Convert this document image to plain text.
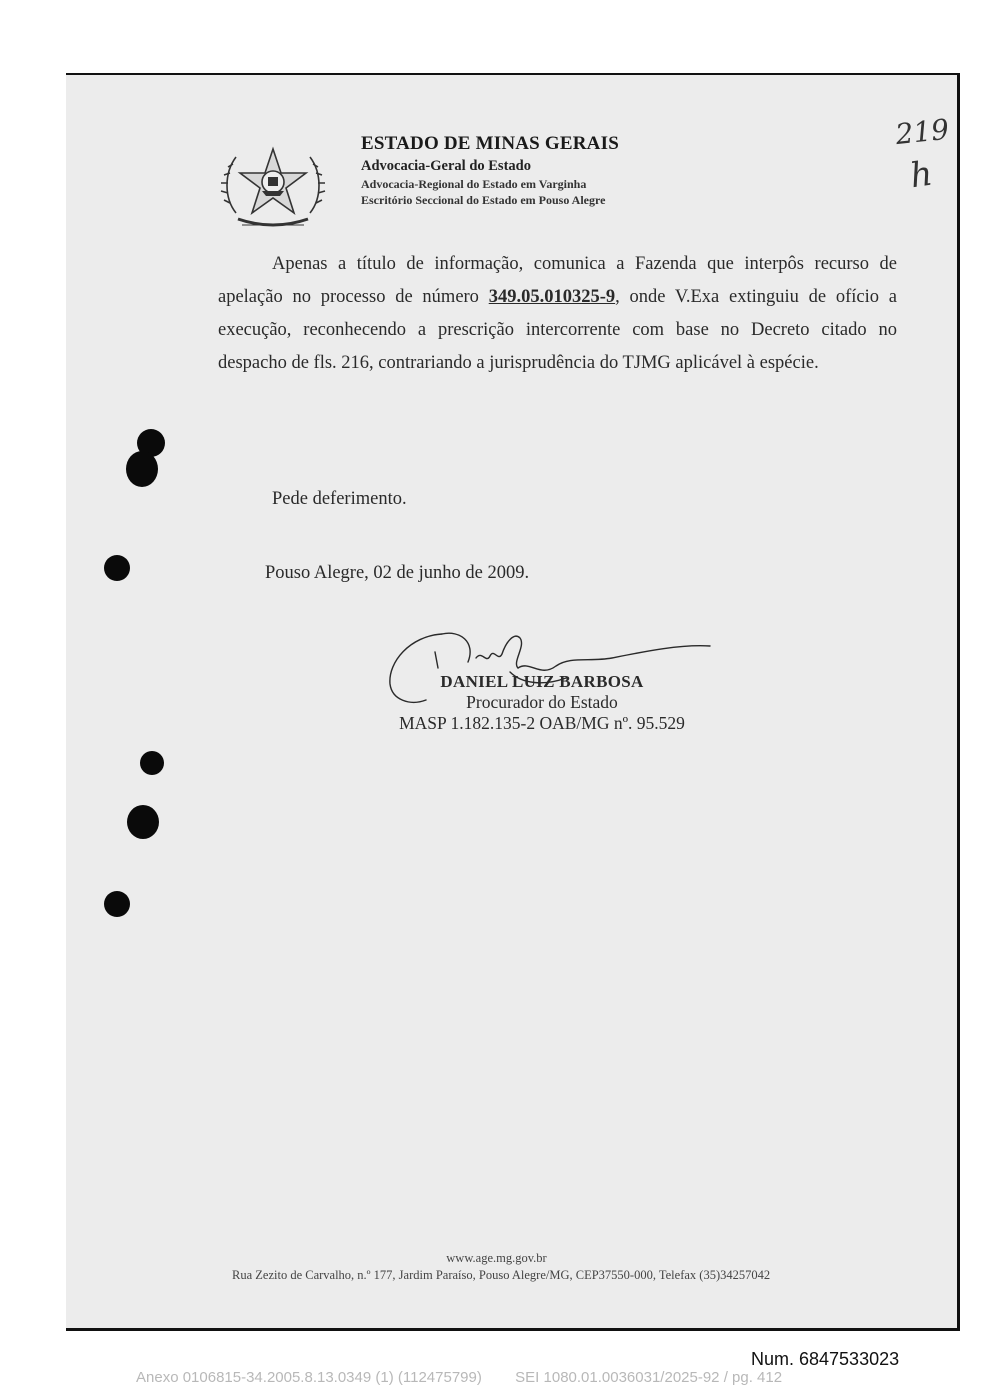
ESTADO DE MINAS GERAIS
Advocacia-Geral do Estado
Advocacia-Regional do Estado em Varginha
Escritório Seccional do Estado em Pouso Alegre
219
h

Apenas a título de informação, comunica a Fazenda que interpôs recurso de apelação no processo de número 349.05.010325-9, onde V.Exa extinguiu de ofício a execução, reconhecendo a prescrição intercorrente com base no Decreto citado no despacho de fls. 216, contrariando a jurisprudência do TJMG aplicável à espécie.

Pede deferimento.
Pouso Alegre, 02 de junho de 2009.
DANIEL LUIZ BARBOSA
Procurador do Estado
MASP 1.182.135-2 OAB/MG nº. 95.529
www.age.mg.gov.br
Rua Zezito de Carvalho, n.º 177, Jardim Paraíso, Pouso Alegre/MG, CEP37550-000, Telefax (35)34257042
Num. 6847533023
Anexo 0106815-34.2005.8.13.0349 (1) (112475799)        SEI 1080.01.0036031/2025-92 / pg. 412
